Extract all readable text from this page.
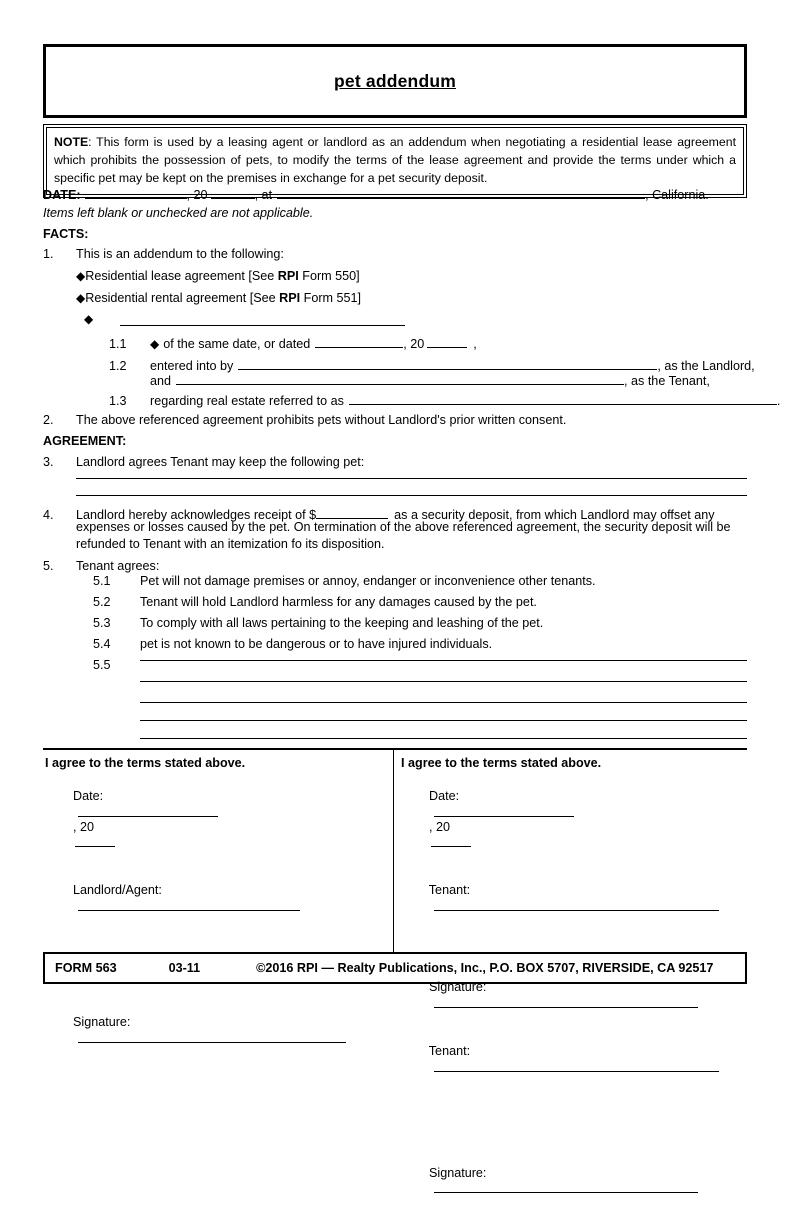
pet addendum
NOTE: This form is used by a leasing agent or landlord as an addendum when negotiating a residential lease agreement which prohibits the possession of pets, to modify the terms of the lease agreement and provide the terms under which a specific pet may be kept on the premises in exchange for a pet security deposit.
DATE:	, 20	, at	, California.
Items left blank or unchecked are not applicable.
FACTS:
1.	This is an addendum to the following:
◆ Residential lease agreement [See RPI Form 550]
◆ Residential rental agreement [See RPI Form 551]
◆
1.1	◆ of the same date, or dated	, 20	,
1.2	entered into by	, as the Landlord,
and	, as the Tenant,
1.3	regarding real estate referred to as	.
2.	The above referenced agreement prohibits pets without Landlord's prior written consent.
AGREEMENT:
3.	Landlord agrees Tenant may keep the following pet:
4.	Landlord hereby acknowledges receipt of $	as a security deposit, from which Landlord may offset any
expenses or losses caused by the pet. On termination of the above referenced agreement, the security deposit will be
refunded to Tenant with an itemization fo its disposition.
5.	Tenant agrees:
5.1	Pet will not damage premises or annoy, endanger or inconvenience other tenants.
5.2	Tenant will hold Landlord harmless for any damages caused by the pet.
5.3	To comply with all laws pertaining to the keeping and leashing of the pet.
5.4	pet is not known to be dangerous or to have injured individuals.
5.5
I agree to the terms stated above.

Date:

, 20

Landlord/Agent:

Signature:

I agree to the terms stated above.

Date:

, 20

Tenant:

Signature:

Tenant:

Signature:

FORM 563	03-11	©2016 RPI — Realty Publications, Inc., P.O. BOX 5707, RIVERSIDE, CA 92517
